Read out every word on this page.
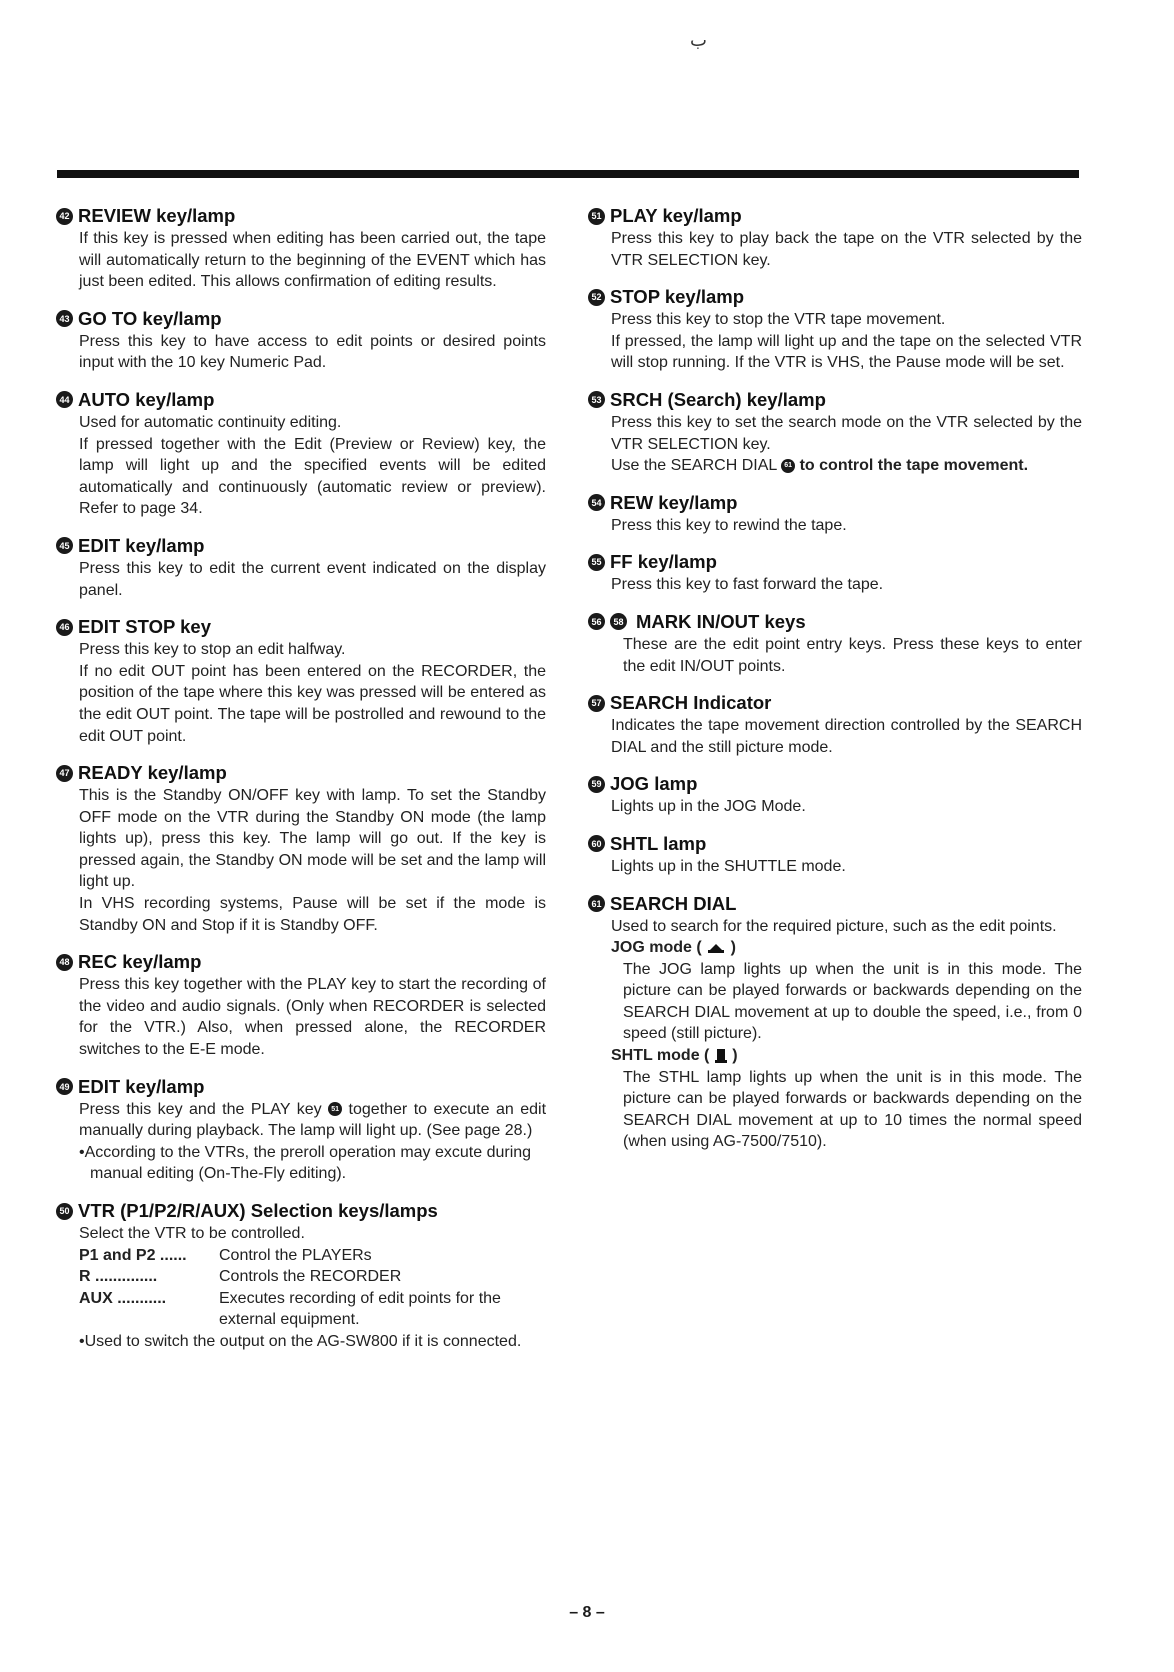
ب
42 REVIEW key/lamp

If this key is pressed when editing has been carried out, the tape will automatically return to the beginning of the EVENT which has just been edited. This allows confirmation of editing results.

43 GO TO key/lamp

Press this key to have access to edit points or desired points input with the 10 key Numeric Pad.

44 AUTO key/lamp

Used for automatic continuity editing.

If pressed together with the Edit (Preview or Review) key, the lamp will light up and the specified events will be edited automatically and continuously (automatic review or preview). Refer to page 34.

45 EDIT key/lamp

Press this key to edit the current event indicated on the display panel.

46 EDIT STOP key

Press this key to stop an edit halfway.

If no edit OUT point has been entered on the RECORDER, the position of the tape where this key was pressed will be entered as the edit OUT point. The tape will be postrolled and rewound to the edit OUT point.

47 READY key/lamp

This is the Standby ON/OFF key with lamp. To set the Standby OFF mode on the VTR during the Standby ON mode (the lamp lights up), press this key. The lamp will go out. If the key is pressed again, the Standby ON mode will be set and the lamp will light up.

In VHS recording systems, Pause will be set if the mode is Standby ON and Stop if it is Standby OFF.

48 REC key/lamp

Press this key together with the PLAY key to start the recording of the video and audio signals. (Only when RECORDER is selected for the VTR.) Also, when pressed alone, the RECORDER switches to the E-E mode.

49 EDIT key/lamp

Press this key and the PLAY key 51 together to execute an edit manually during playback. The lamp will light up. (See page 28.)

•According to the VTRs, the preroll operation may excute during manual editing (On-The-Fly editing).

50 VTR (P1/P2/R/AUX) Selection keys/lamps

Select the VTR to be controlled.

P1 and P2 ......	Control the PLAYERs
R ..............	Controls the RECORDER
AUX ...........	Executes recording of edit points for the external equipment.

•Used to switch the output on the AG-SW800 if it is connected.

51 PLAY key/lamp

Press this key to play back the tape on the VTR selected by the VTR SELECTION key.

52 STOP key/lamp

Press this key to stop the VTR tape movement.

If pressed, the lamp will light up and the tape on the selected VTR will stop running. If the VTR is VHS, the Pause mode will be set.

53 SRCH (Search) key/lamp

Press this key to set the search mode on the VTR selected by the VTR SELECTION key.

Use the SEARCH DIAL 61 to control the tape movement.

54 REW key/lamp

Press this key to rewind the tape.

55 FF key/lamp

Press this key to fast forward the tape.

56	58 MARK IN/OUT keys

These are the edit point entry keys. Press these keys to enter the edit IN/OUT points.

57 SEARCH Indicator

Indicates the tape movement direction controlled by the SEARCH DIAL and the still picture mode.

59 JOG lamp

Lights up in the JOG Mode.

60 SHTL lamp

Lights up in the SHUTTLE mode.

61 SEARCH DIAL

Used to search for the required picture, such as the edit points.

JOG mode ( )

The JOG lamp lights up when the unit is in this mode. The picture can be played forwards or backwards depending on the SEARCH DIAL movement at up to double the speed, i.e., from 0 speed (still picture).

SHTL mode ( )

The STHL lamp lights up when the unit is in this mode. The picture can be played forwards or backwards depending on the SEARCH DIAL movement at up to 10 times the normal speed (when using AG-7500/7510).

– 8 –
